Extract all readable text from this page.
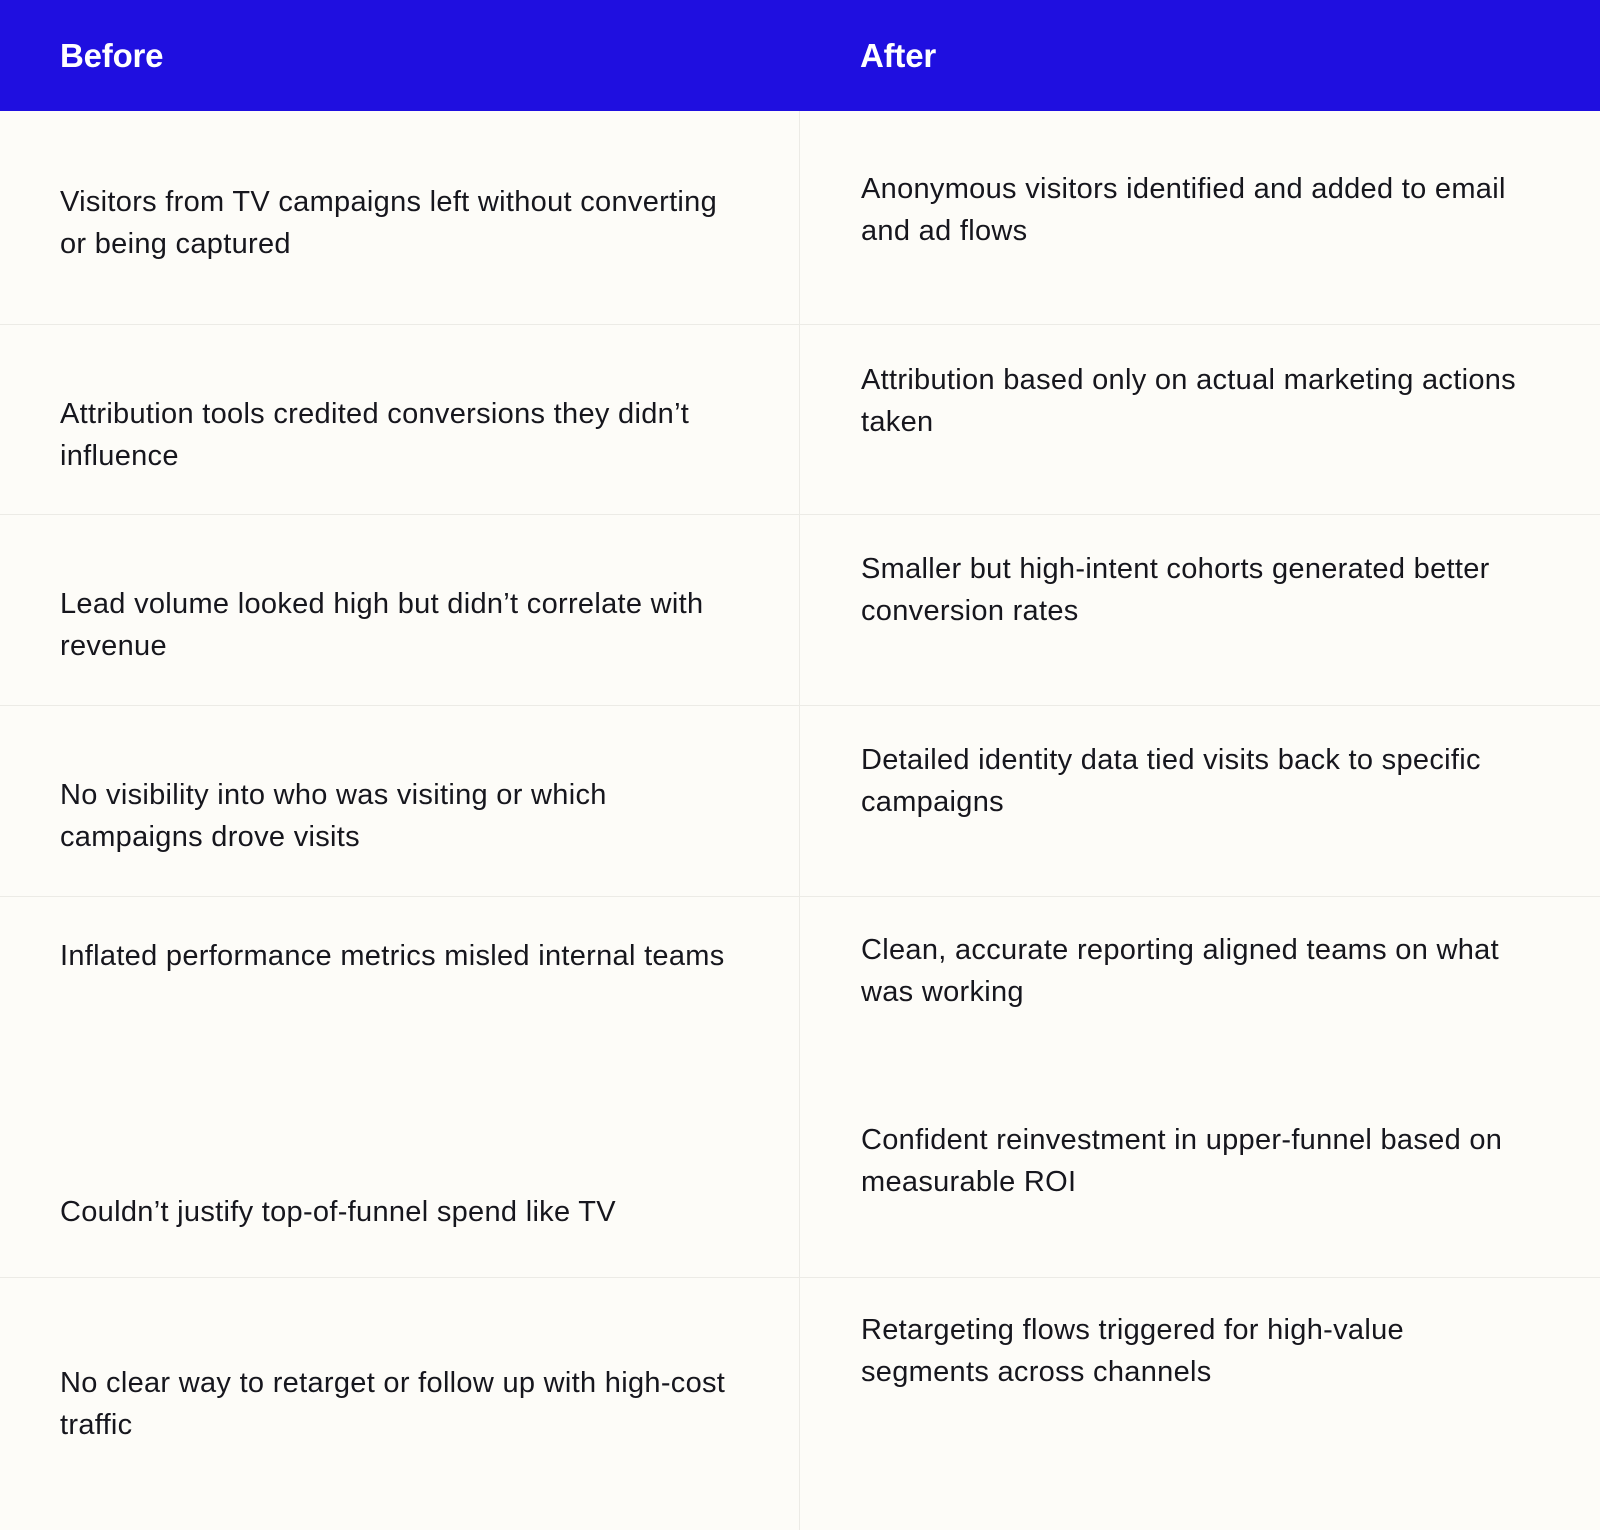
Before	After
Visitors from TV campaigns left without converting or being captured
Anonymous visitors identified and added to email and ad flows
Attribution tools credited conversions they didn’t influence
Attribution based only on actual marketing actions taken
Lead volume looked high but didn’t correlate with revenue
Smaller but high-intent cohorts generated better conversion rates
No visibility into who was visiting or which campaigns drove visits
Detailed identity data tied visits back to specific campaigns
Inflated performance metrics misled internal teams	Clean, accurate reporting aligned teams on what was working
Couldn’t justify top-of-funnel spend like TV
Confident reinvestment in upper-funnel based on measurable ROI
No clear way to retarget or follow up with high-cost traffic
Retargeting flows triggered for high-value segments across channels
